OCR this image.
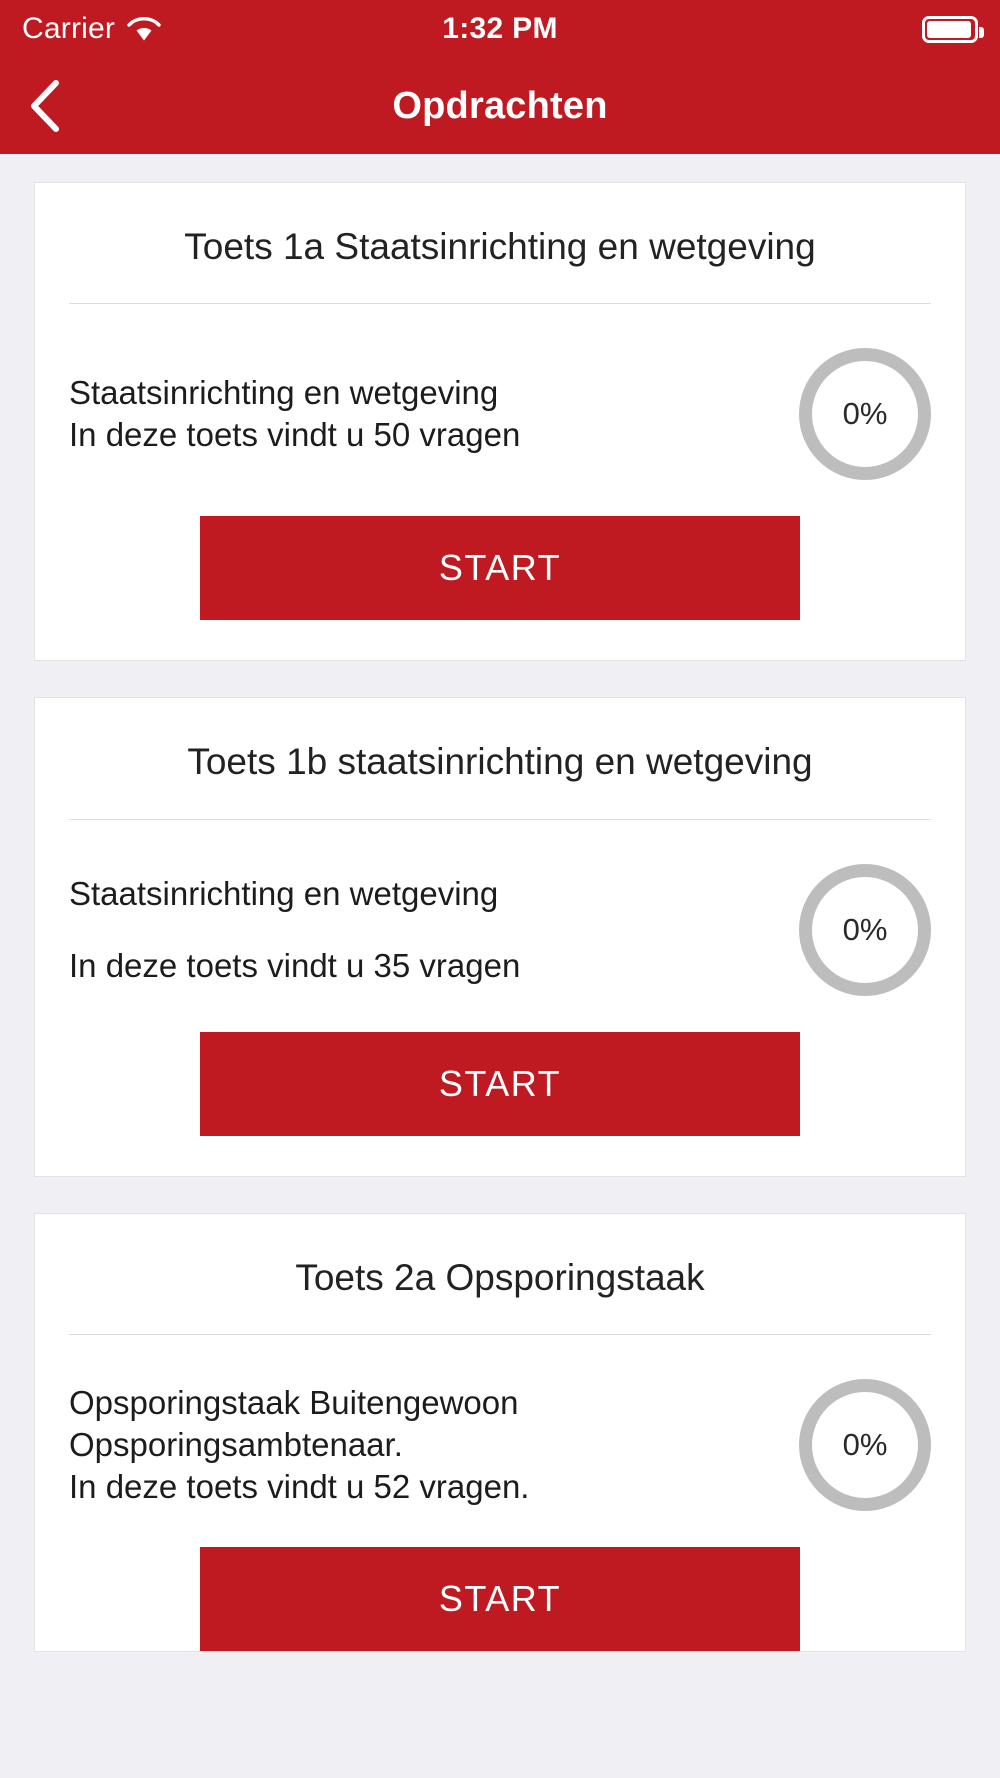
Carrier	1:32 PM
Opdrachten
Toets 1a Staatsinrichting en wetgeving
Staatsinrichting en wetgeving
In deze toets vindt u 50 vragen
0%
START
Toets 1b staatsinrichting en wetgeving
Staatsinrichting en wetgeving
In deze toets vindt u 35 vragen
0%
START
Toets 2a Opsporingstaak
Opsporingstaak Buitengewoon Opsporingsambtenaar.
In deze toets vindt u 52 vragen.
0%
START
